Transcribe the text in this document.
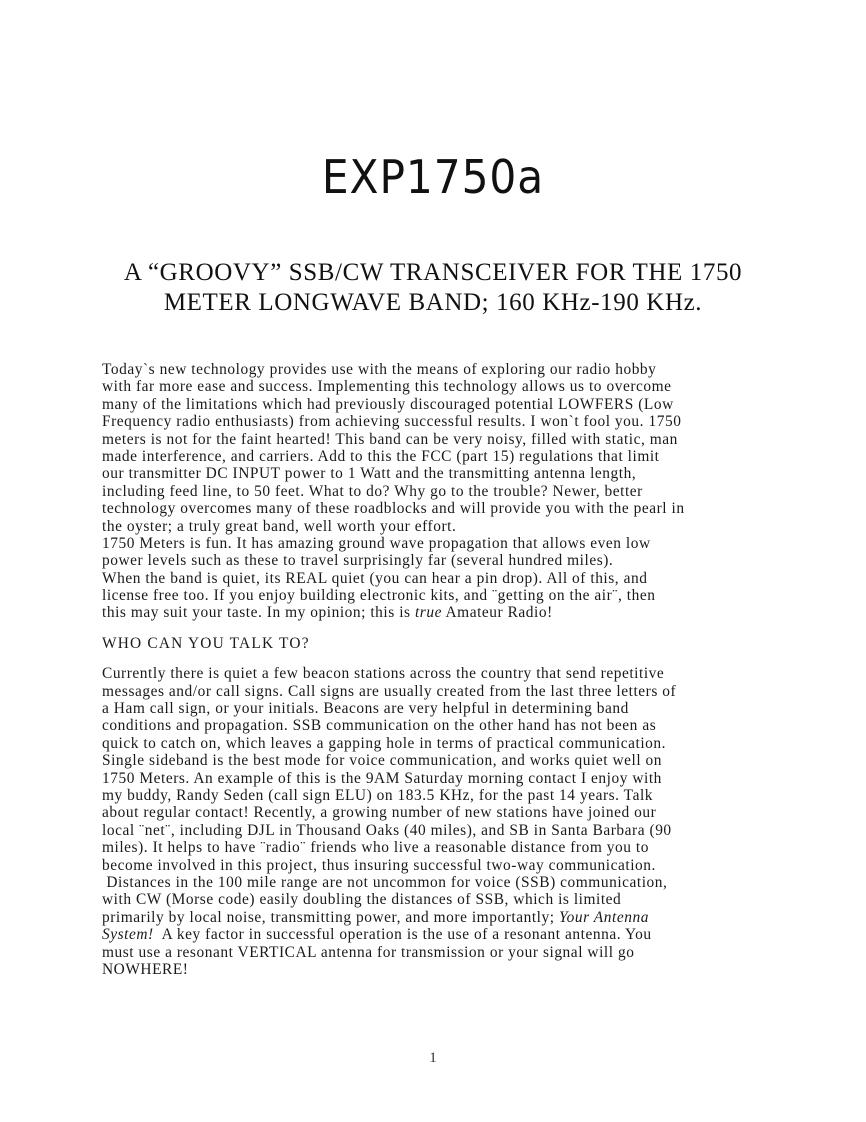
EXP1750a
A “GROOVY” SSB/CW TRANSCEIVER FOR THE 1750
METER LONGWAVE BAND; 160 KHz-190 KHz.
Today`s new technology provides use with the means of exploring our radio hobby
with far more ease and success. Implementing this technology allows us to overcome
many of the limitations which had previously discouraged potential LOWFERS (Low
Frequency radio enthusiasts) from achieving successful results. I won`t fool you. 1750
meters is not for the faint hearted! This band can be very noisy, filled with static, man
made interference, and carriers. Add to this the FCC (part 15) regulations that limit
our transmitter DC INPUT power to 1 Watt and the transmitting antenna length,
including feed line, to 50 feet. What to do? Why go to the trouble? Newer, better
technology overcomes many of these roadblocks and will provide you with the pearl in
the oyster; a truly great band, well worth your effort.
1750 Meters is fun. It has amazing ground wave propagation that allows even low
power levels such as these to travel surprisingly far (several hundred miles).
When the band is quiet, its REAL quiet (you can hear a pin drop). All of this, and
license free too. If you enjoy building electronic kits, and ¨getting on the air¨, then
this may suit your taste. In my opinion; this is true Amateur Radio!
WHO CAN YOU TALK TO?
Currently there is quiet a few beacon stations across the country that send repetitive
messages and/or call signs. Call signs are usually created from the last three letters of
a Ham call sign, or your initials. Beacons are very helpful in determining band
conditions and propagation. SSB communication on the other hand has not been as
quick to catch on, which leaves a gapping hole in terms of practical communication.
Single sideband is the best mode for voice communication, and works quiet well on
1750 Meters. An example of this is the 9AM Saturday morning contact I enjoy with
my buddy, Randy Seden (call sign ELU) on 183.5 KHz, for the past 14 years. Talk
about regular contact! Recently, a growing number of new stations have joined our
local ¨net¨, including DJL in Thousand Oaks (40 miles), and SB in Santa Barbara (90
miles). It helps to have ¨radio¨ friends who live a reasonable distance from you to
become involved in this project, thus insuring successful two-way communication.
Distances in the 100 mile range are not uncommon for voice (SSB) communication,
with CW (Morse code) easily doubling the distances of SSB, which is limited
primarily by local noise, transmitting power, and more importantly; Your Antenna
System!  A key factor in successful operation is the use of a resonant antenna. You
must use a resonant VERTICAL antenna for transmission or your signal will go
NOWHERE!
1
